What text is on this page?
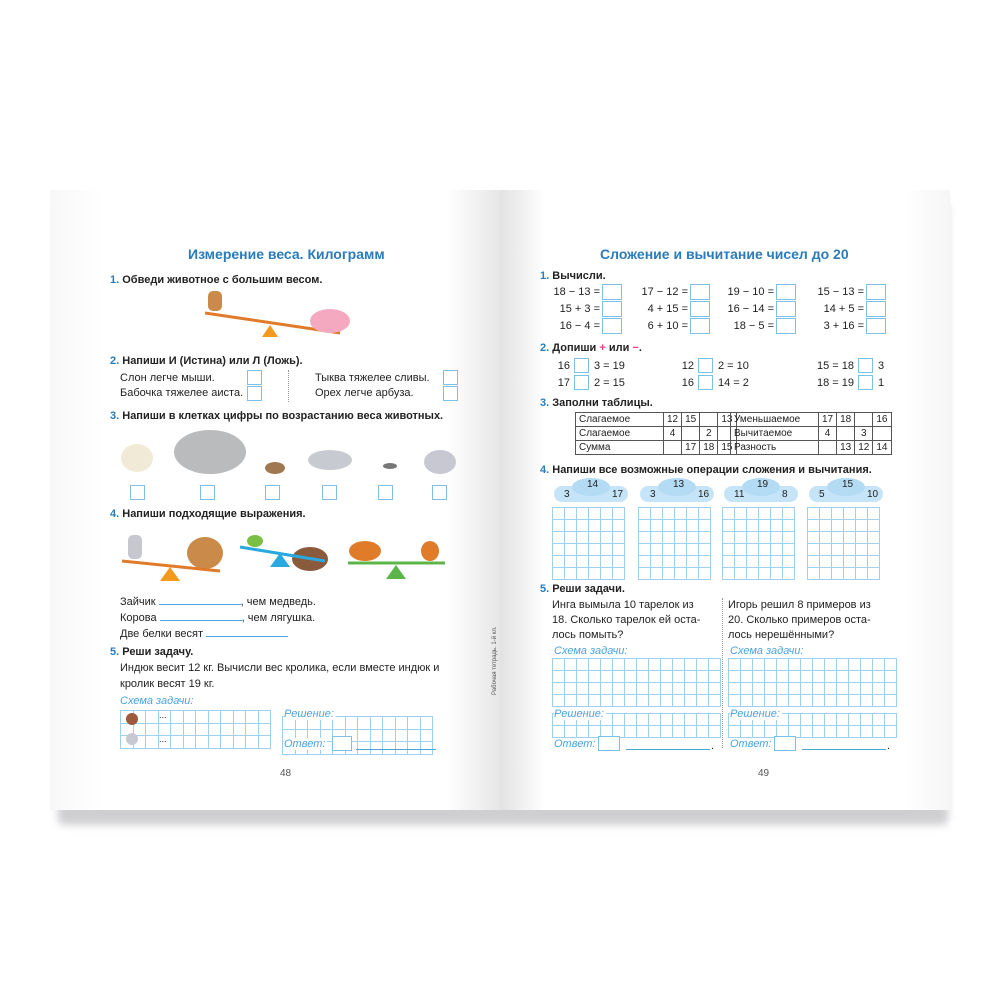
Измерение веса. Килограмм
1. Обведи животное с большим весом.
2. Напиши И (Истина) или Л (Ложь).
Слон легче мыши.
Бабочка тяжелее аиста.
Тыква тяжелее сливы.
Орех легче арбуза.
3. Напиши в клетках цифры по возрастанию веса животных.
4. Напиши подходящие выражения.
Зайчик	, чем медведь.
Корова	, чем лягушка.
Две белки весят
5. Реши задачу.
Индюк весит 12 кг. Вычисли вес кролика, если вместе индюк и
кролик весят 19 кг.
Схема задачи:
...
...
Решение:
Ответ:
48
Рабочая тетрадь. 1-й кл.
Сложение и вычитание чисел до 20
1. Вычисли.
2. Допиши + или −.
3. Заполни таблицы.
Слагаемое	12	15		13
Слагаемое	4		2	
Сумма		17	18	15
Уменьшаемое	17	18		16
Вычитаемое	4		3	
Разность		13	12	14
4. Напиши все возможные операции сложения и вычитания.
5. Реши задачи.
Инга вымыла 10 тарелок из
18. Сколько тарелок ей оста-
лось помыть?
Игорь решил 8 примеров из
20. Сколько примеров оста-
лось нерешёнными?
49
18 − 13 =	17 − 12 =	19 − 10 =	15 − 13 =
15 + 3 =	4 + 15 =	16 − 14 =	14 + 5 =
16 − 4 =	6 + 10 =	18 − 5 =	3 + 16 =
16 3 = 19	12 2 = 10	15 = 18 3
17 2 = 15	16 14 = 2	18 = 19 1
14
3	17
13
3	16
19
11	8
15
5	10
Схема задачи:
Решение:
Ответ:	.
Схема задачи:
Решение:
Ответ:	.
